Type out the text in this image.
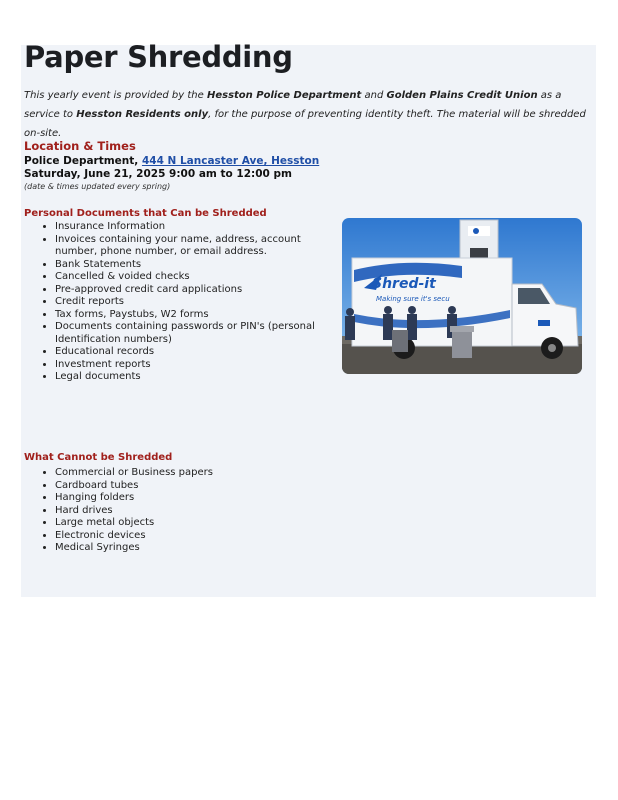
Paper Shredding
This yearly event is provided by the Hesston Police Department and Golden Plains Credit Union as a service to Hesston Residents only, for the purpose of preventing identity theft. The material will be shredded on-site.
Location & Times
Police Department, 444 N Lancaster Ave, Hesston
Saturday, June 21, 2025 9:00 am to 12:00 pm
(date & times updated every spring)
Personal Documents that Can be Shredded
• Insurance Information
• Invoices containing your name, address, account number, phone number, or email address.
• Bank Statements
• Cancelled & voided checks
• Pre-approved credit card applications
• Credit reports
• Tax forms, Paystubs, W2 forms
• Documents containing passwords or PIN's (personal Identification numbers)
• Educational records
• Investment reports
• Legal documents
What Cannot be Shredded
• Commercial or Business papers
• Cardboard tubes
• Hanging folders
• Hard drives
• Large metal objects
• Electronic devices
• Medical Syringes
Shred-it
Making sure it's secu
